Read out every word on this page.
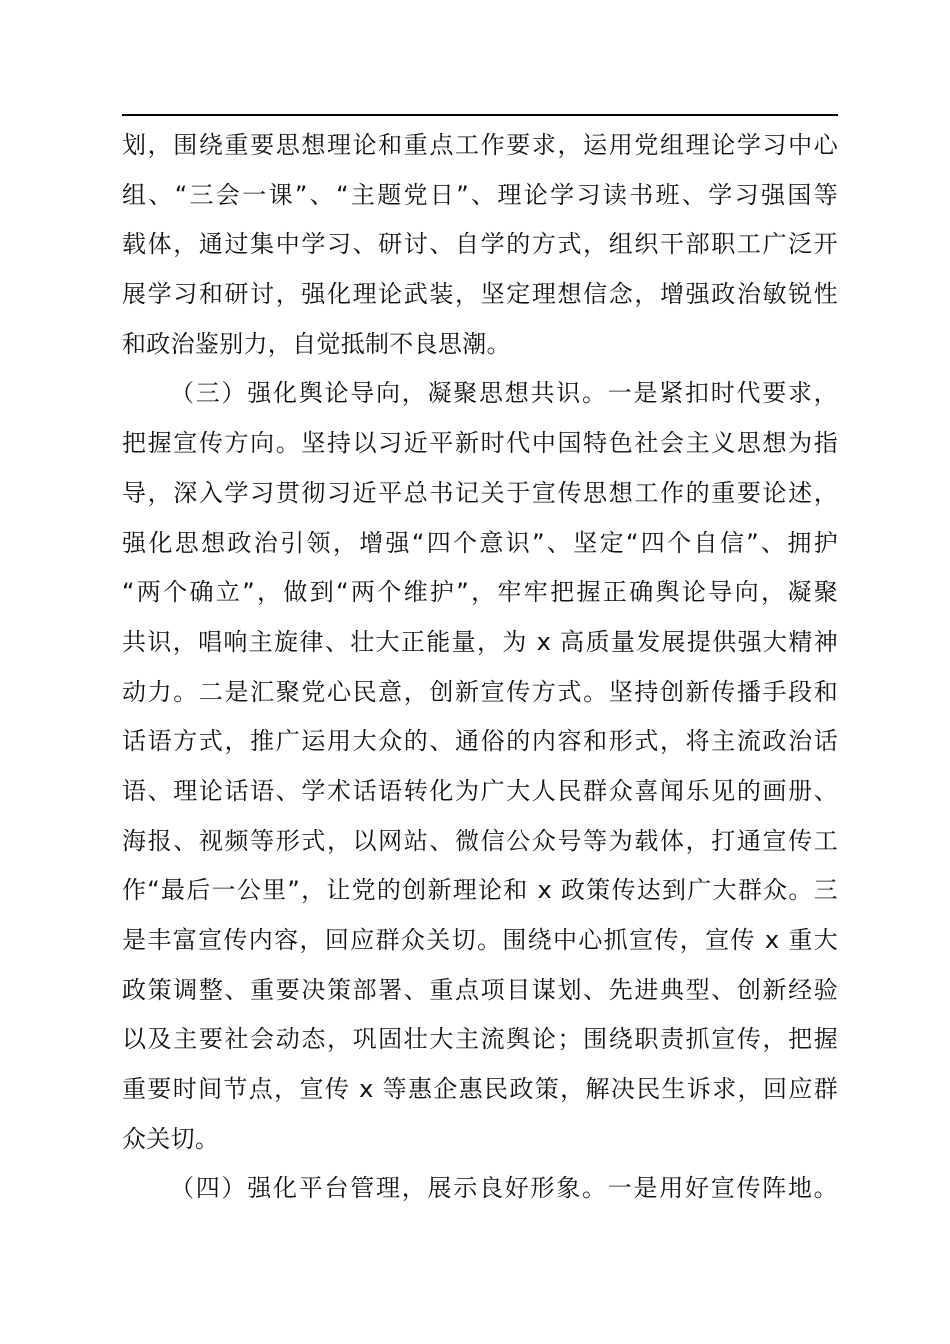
划，围绕重要思想理论和重点工作要求，运用党组理论学习中心
组、“三会一课”、“主题党日”、理论学习读书班、学习强国等
载体，通过集中学习、研讨、自学的方式，组织干部职工广泛开
展学习和研讨，强化理论武装，坚定理想信念，增强政治敏锐性
和政治鉴别力，自觉抵制不良思潮。
（三）强化舆论导向，凝聚思想共识。一是紧扣时代要求，
把握宣传方向。坚持以习近平新时代中国特色社会主义思想为指
导，深入学习贯彻习近平总书记关于宣传思想工作的重要论述，
强化思想政治引领，增强“四个意识”、坚定“四个自信”、拥护
“两个确立”，做到“两个维护”，牢牢把握正确舆论导向，凝聚
共识，唱响主旋律、壮大正能量，为 x 高质量发展提供强大精神
动力。二是汇聚党心民意，创新宣传方式。坚持创新传播手段和
话语方式，推广运用大众的、通俗的内容和形式，将主流政治话
语、理论话语、学术话语转化为广大人民群众喜闻乐见的画册、
海报、视频等形式，以网站、微信公众号等为载体，打通宣传工
作“最后一公里”，让党的创新理论和 x 政策传达到广大群众。三
是丰富宣传内容，回应群众关切。围绕中心抓宣传，宣传 x 重大
政策调整、重要决策部署、重点项目谋划、先进典型、创新经验
以及主要社会动态，巩固壮大主流舆论；围绕职责抓宣传，把握
重要时间节点，宣传 x 等惠企惠民政策，解决民生诉求，回应群
众关切。
（四）强化平台管理，展示良好形象。一是用好宣传阵地。
